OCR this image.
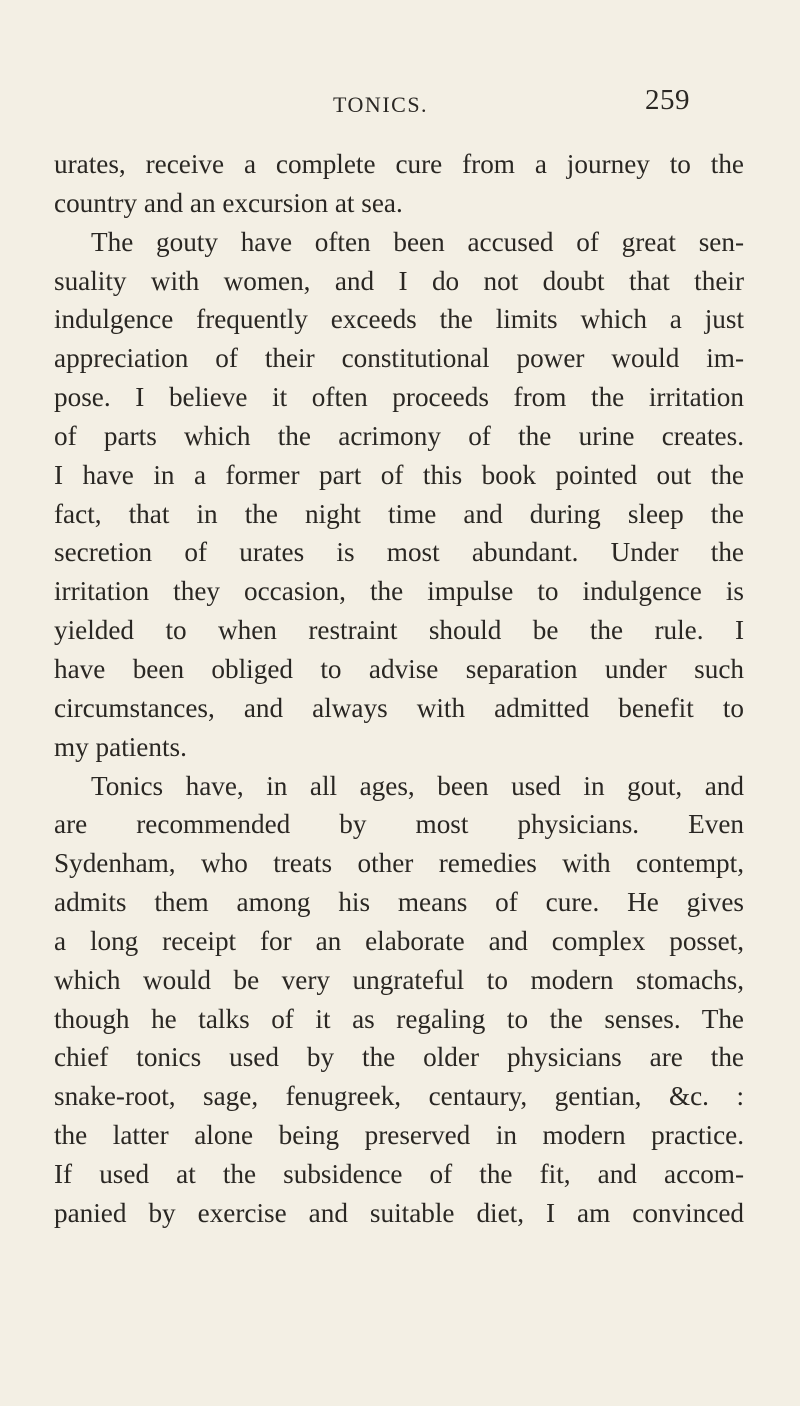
TONICS.	259
urates, receive a complete cure from a journey to the
country and an excursion at sea.
The gouty have often been accused of great sen-
suality with women, and I do not doubt that their
indulgence frequently exceeds the limits which a just
appreciation of their constitutional power would im-
pose. I believe it often proceeds from the irritation
of parts which the acrimony of the urine creates.
I have in a former part of this book pointed out the
fact, that in the night time and during sleep the
secretion of urates is most abundant. Under the
irritation they occasion, the impulse to indulgence is
yielded to when restraint should be the rule. I
have been obliged to advise separation under such
circumstances, and always with admitted benefit to
my patients.
Tonics have, in all ages, been used in gout, and
are recommended by most physicians. Even
Sydenham, who treats other remedies with contempt,
admits them among his means of cure. He gives
a long receipt for an elaborate and complex posset,
which would be very ungrateful to modern stomachs,
though he talks of it as regaling to the senses. The
chief tonics used by the older physicians are the
snake-root, sage, fenugreek, centaury, gentian, &c. :
the latter alone being preserved in modern practice.
If used at the subsidence of the fit, and accom-
panied by exercise and suitable diet, I am convinced
